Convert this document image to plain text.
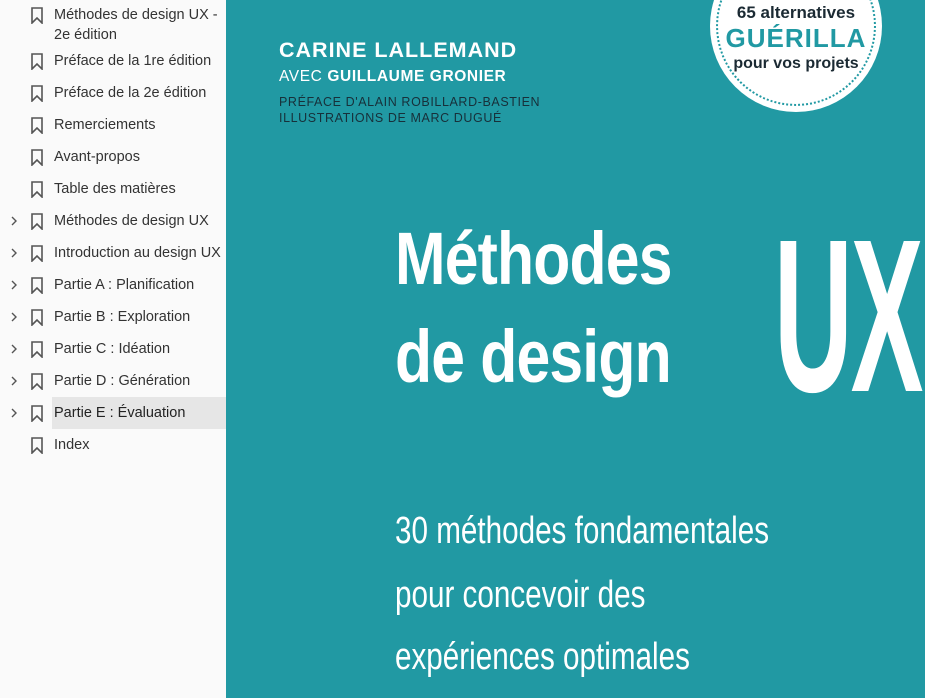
Méthodes de design UX - 2e édition
Préface de la 1re édition
Préface de la 2e édition
Remerciements
Avant-propos
Table des matières
Méthodes de design UX
Introduction au design UX
Partie A : Planification
Partie B : Exploration
Partie C : Idéation
Partie D : Génération
Partie E : Évaluation
Index
65 alternatives
GUÉRILLA
pour vos projets
CARINE LALLEMAND
AVEC GUILLAUME GRONIER
PRÉFACE D'ALAIN ROBILLARD-BASTIEN
ILLUSTRATIONS DE MARC DUGUÉ
Méthodes
de design UX
30 méthodes fondamentales
pour concevoir des
expériences optimales
